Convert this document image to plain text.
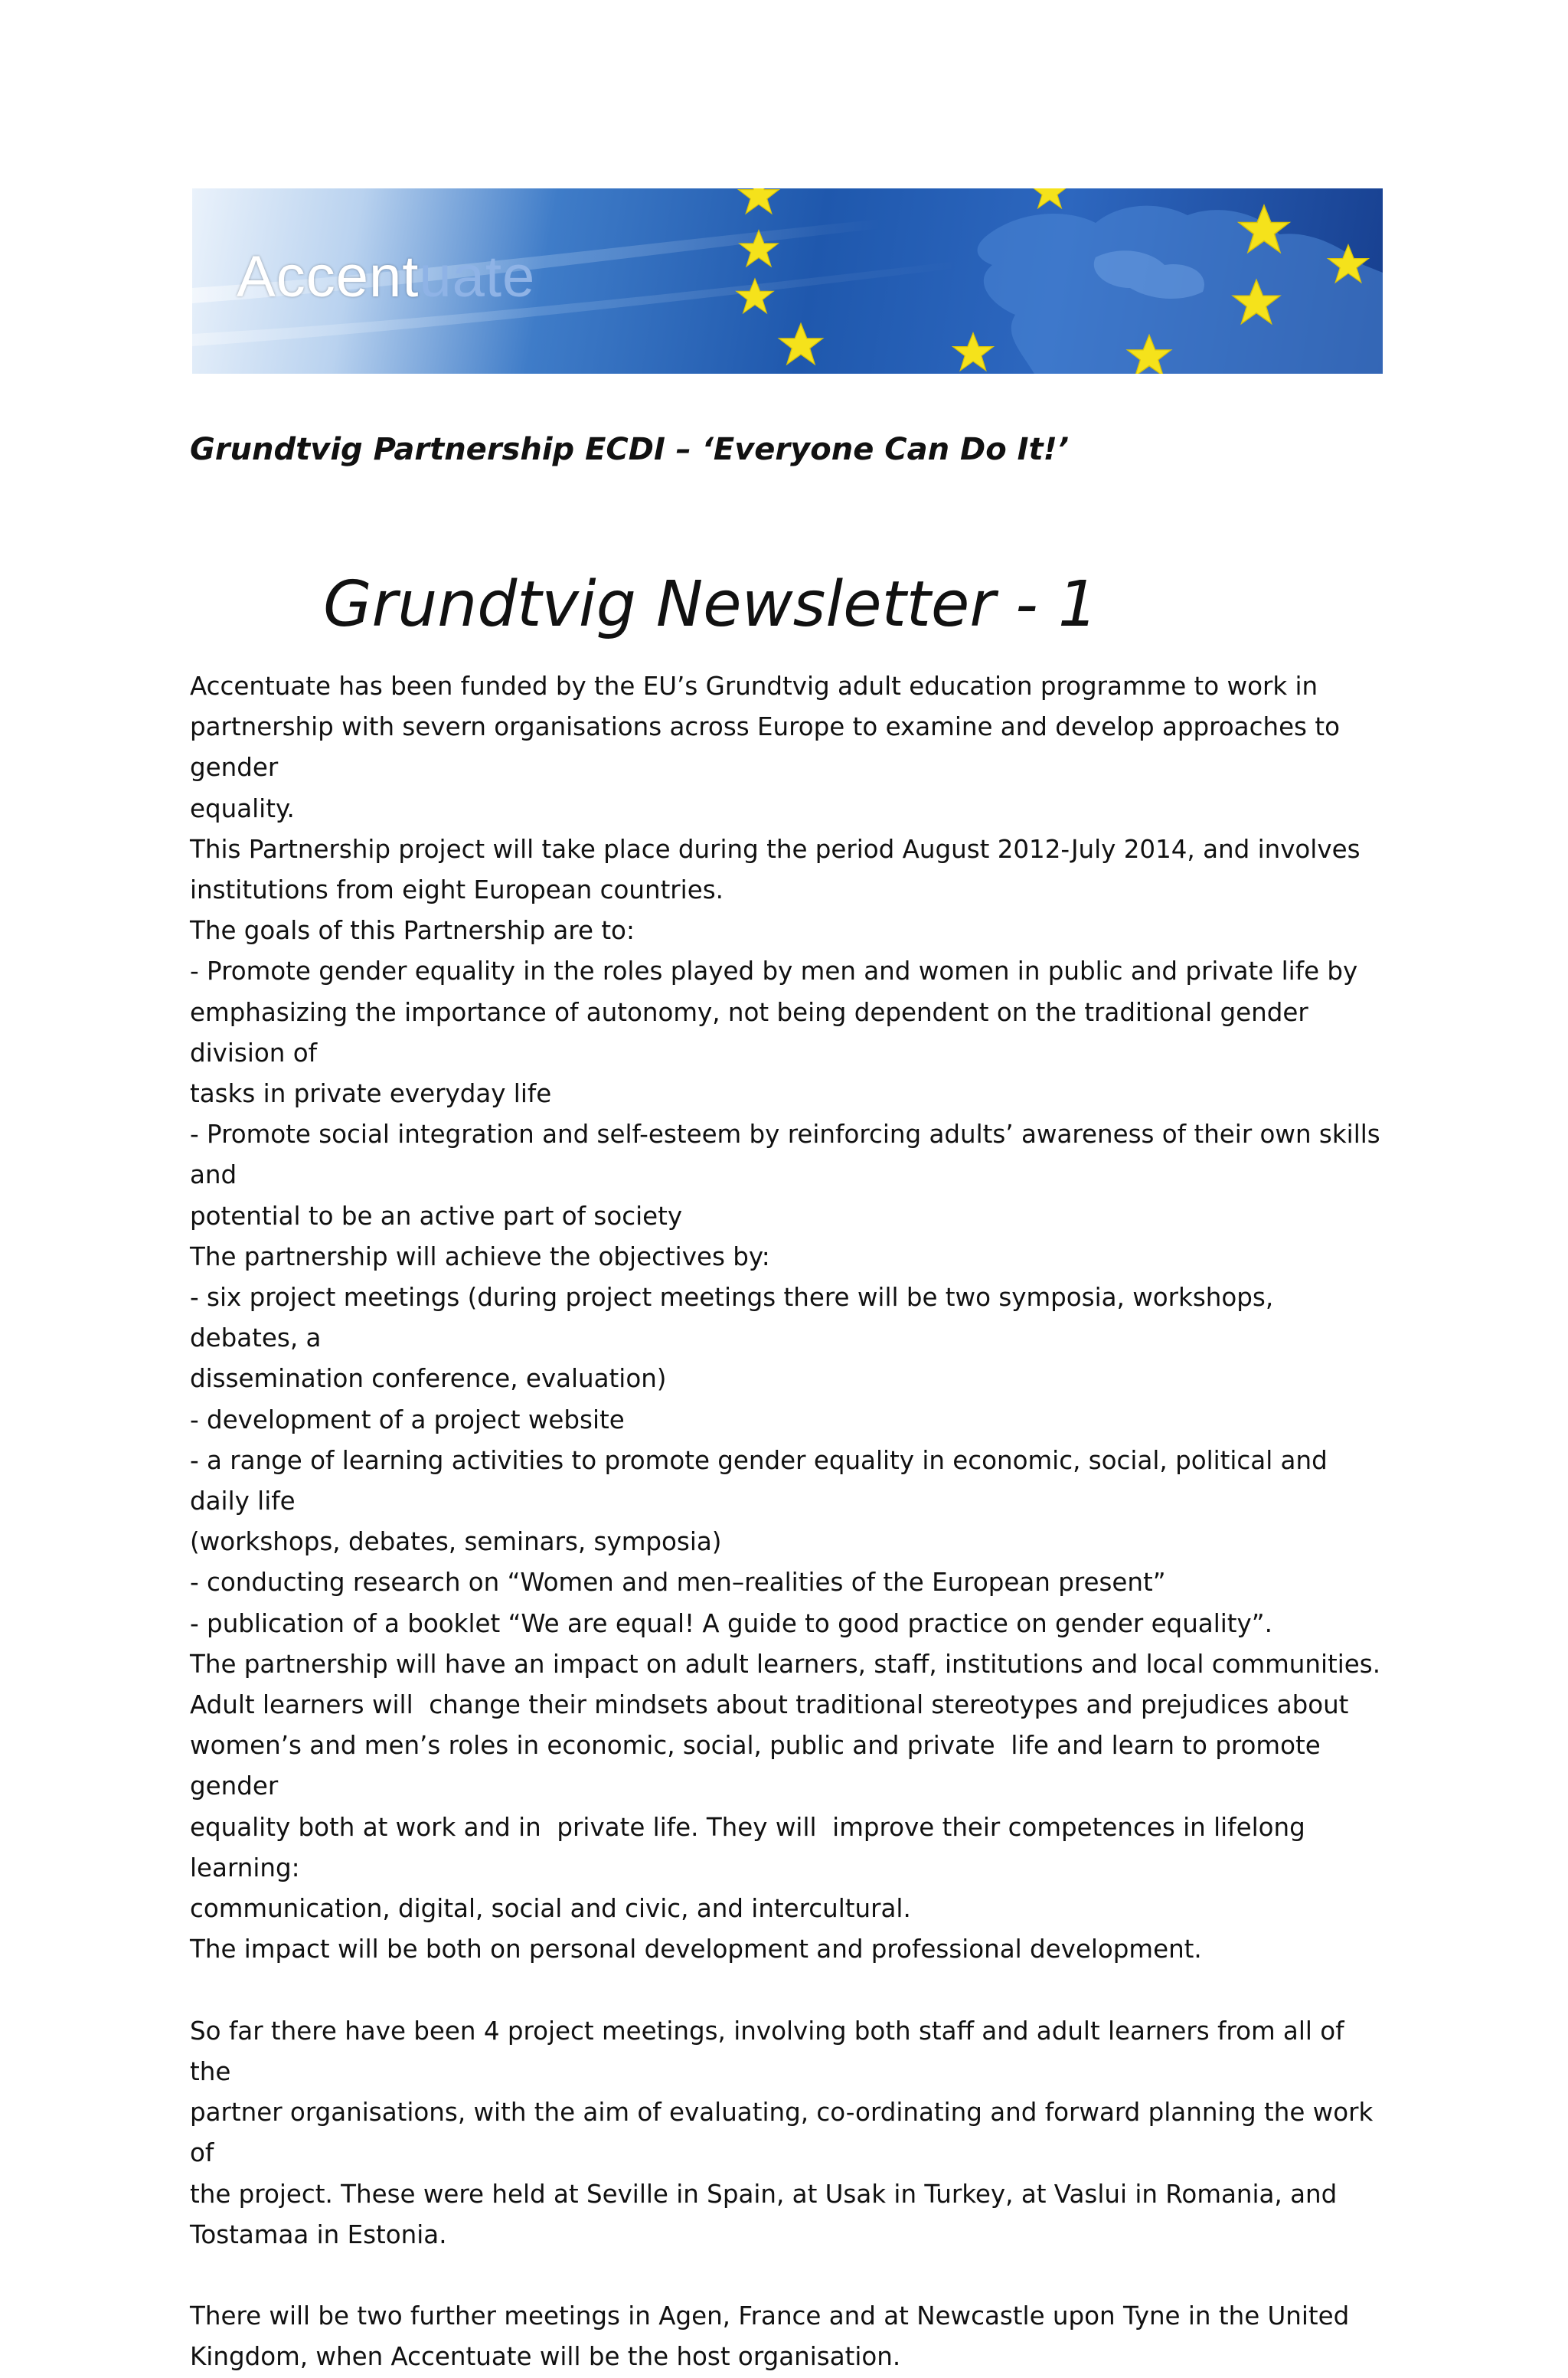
Accentuate
Grundtvig Partnership ECDI – ‘Everyone Can Do It!’
Grundtvig Newsletter - 1

Accentuate has been funded by the EU’s Grundtvig adult education programme to work in

partnership with severn organisations across Europe to examine and develop approaches to gender

equality.

This Partnership project will take place during the period August 2012-July 2014, and involves

institutions from eight European countries.

The goals of this Partnership are to:

- Promote gender equality in the roles played by men and women in public and private life by

emphasizing the importance of autonomy, not being dependent on the traditional gender division of

tasks in private everyday life

- Promote social integration and self-esteem by reinforcing adults’ awareness of their own skills and

potential to be an active part of society

The partnership will achieve the objectives by:

- six project meetings (during project meetings there will be two symposia, workshops, debates, a

dissemination conference, evaluation)

- development of a project website

- a range of learning activities to promote gender equality in economic, social, political and daily life

(workshops, debates, seminars, symposia)

- conducting research on “Women and men–realities of the European present”

- publication of a booklet “We are equal! A guide to good practice on gender equality”.

The partnership will have an impact on adult learners, staff, institutions and local communities.

Adult learners will  change their mindsets about traditional stereotypes and prejudices about

women’s and men’s roles in economic, social, public and private  life and learn to promote gender

equality both at work and in  private life. They will  improve their competences in lifelong learning:

communication, digital, social and civic, and intercultural.

The impact will be both on personal development and professional development.

So far there have been 4 project meetings, involving both staff and adult learners from all of the

partner organisations, with the aim of evaluating, co-ordinating and forward planning the work of

the project. These were held at Seville in Spain, at Usak in Turkey, at Vaslui in Romania, and

Tostamaa in Estonia.

There will be two further meetings in Agen, France and at Newcastle upon Tyne in the United

Kingdom, when Accentuate will be the host organisation.
